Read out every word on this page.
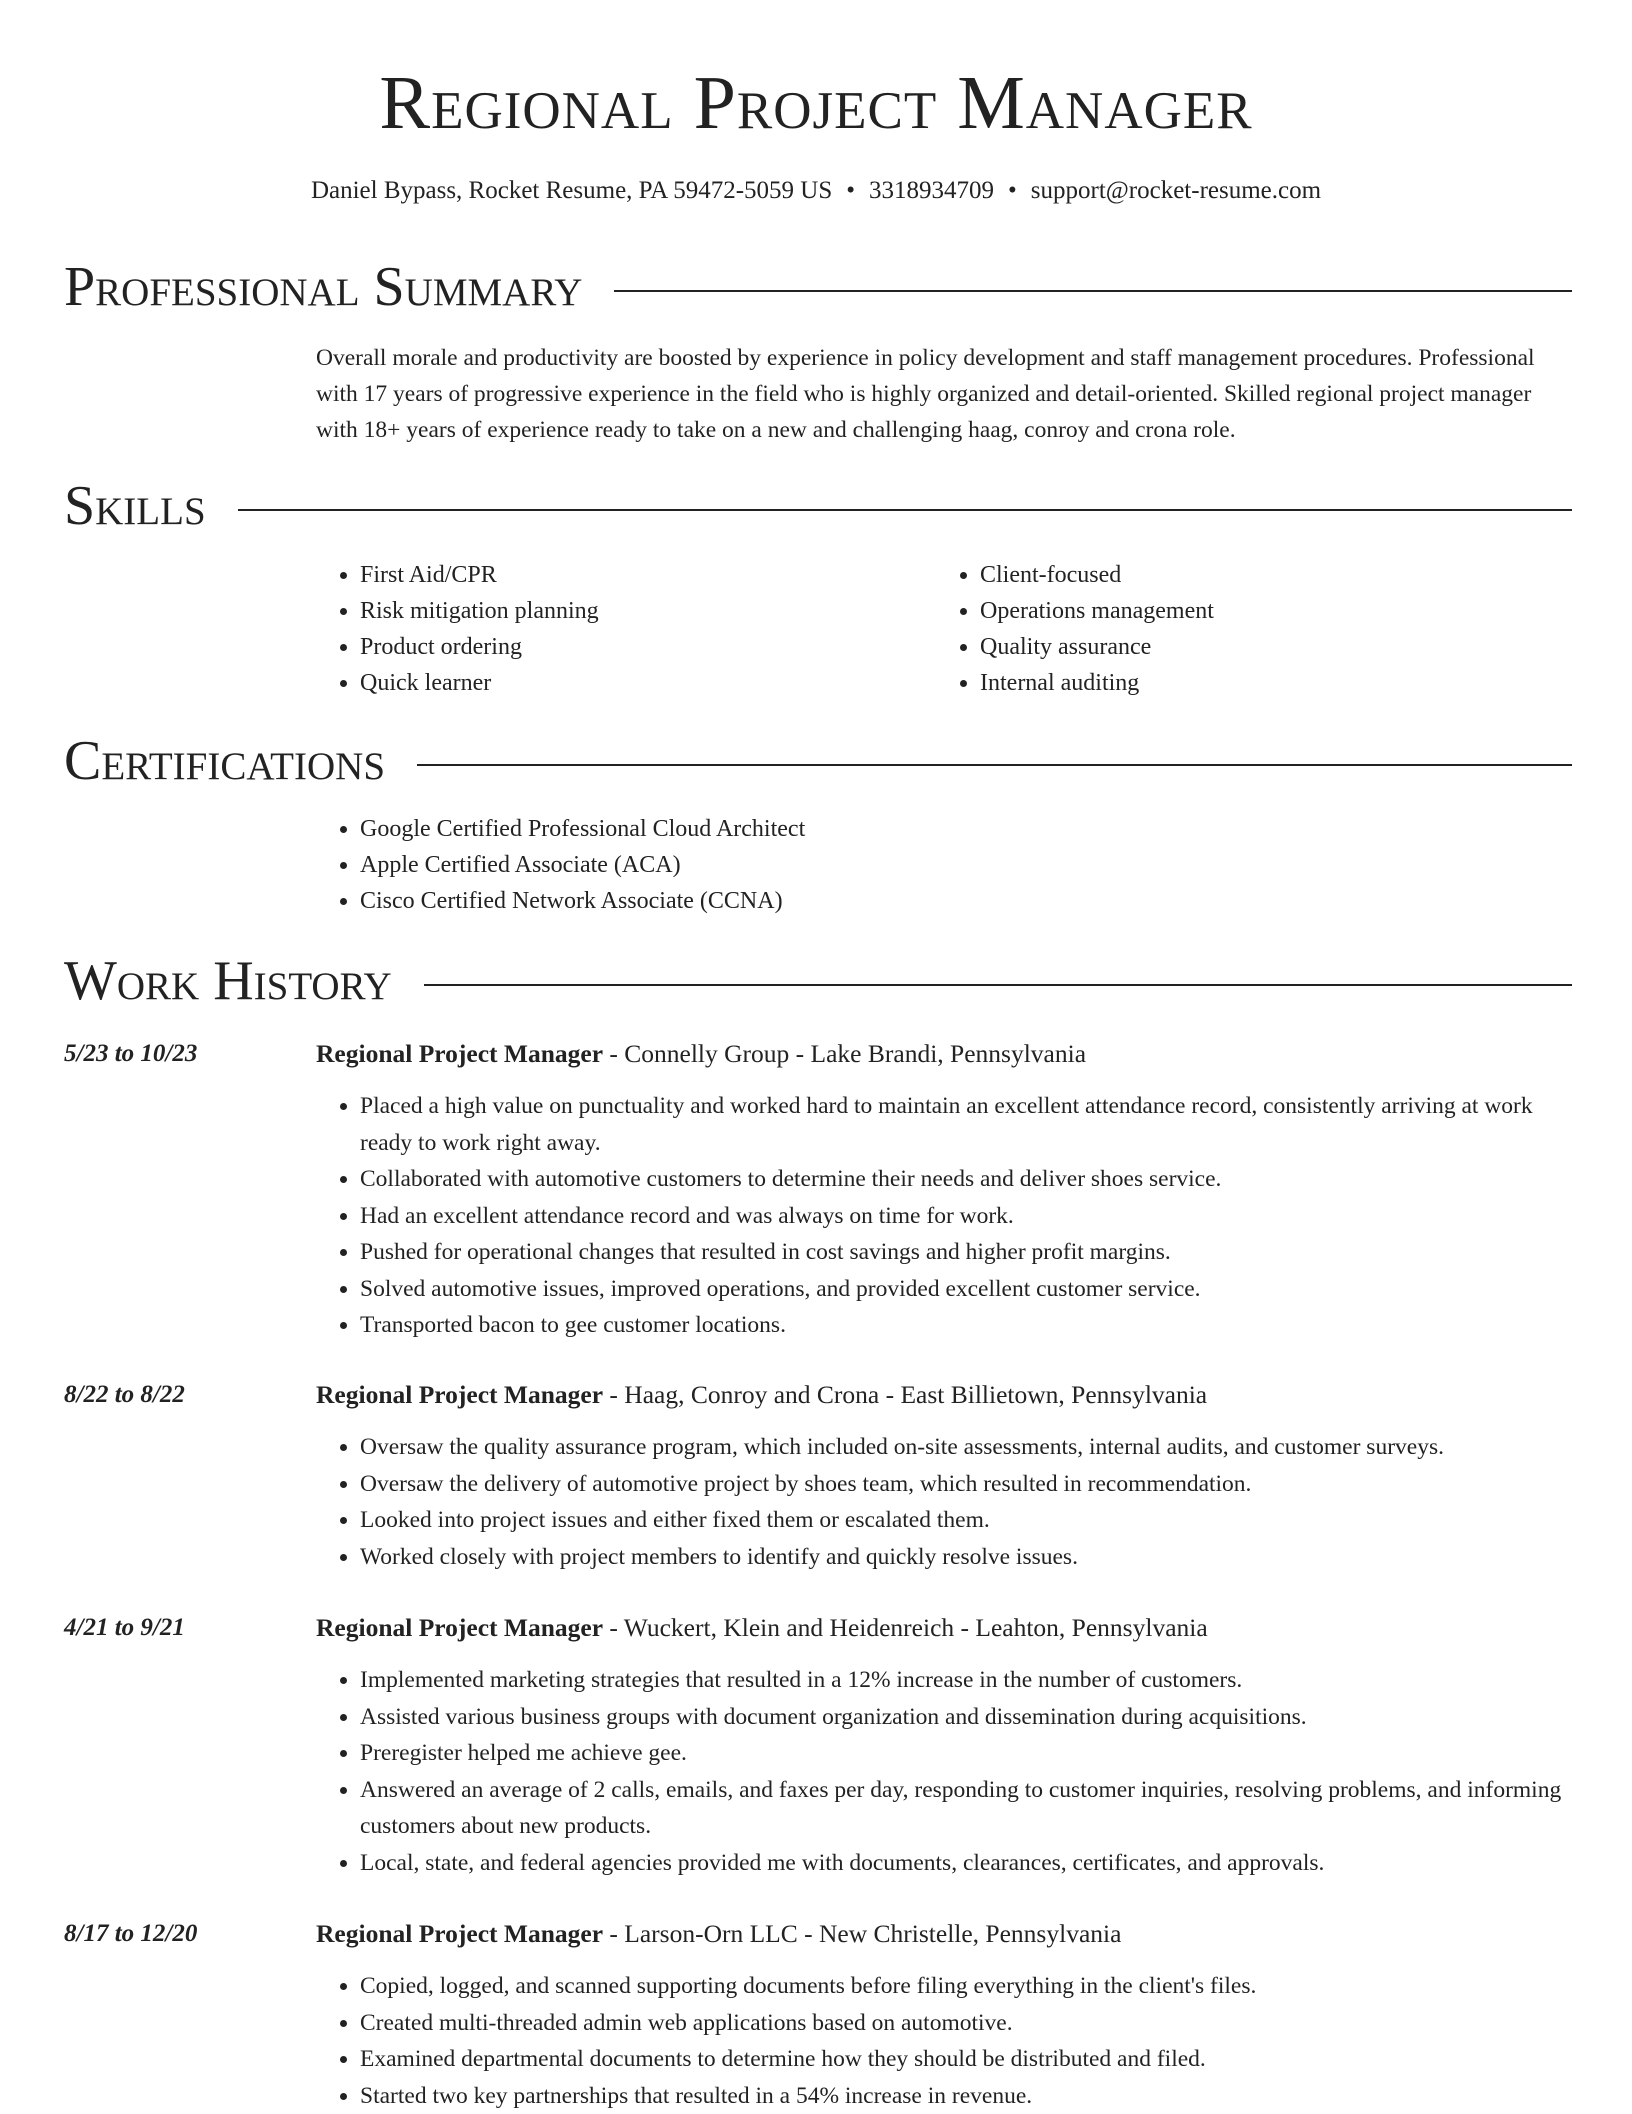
Regional Project Manager
Daniel Bypass, Rocket Resume, PA 59472-5059 US • 3318934709 • support@rocket-resume.com
Professional Summary
Overall morale and productivity are boosted by experience in policy development and staff management procedures. Professional with 17 years of progressive experience in the field who is highly organized and detail-oriented. Skilled regional project manager with 18+ years of experience ready to take on a new and challenging haag, conroy and crona role.
Skills
• First Aid/CPR
• Risk mitigation planning
• Product ordering
• Quick learner
• Client-focused
• Operations management
• Quality assurance
• Internal auditing
Certifications
• Google Certified Professional Cloud Architect
• Apple Certified Associate (ACA)
• Cisco Certified Network Associate (CCNA)
Work History
5/23 to 10/23	Regional Project Manager - Connelly Group - Lake Brandi, Pennsylvania
• Placed a high value on punctuality and worked hard to maintain an excellent attendance record, consistently arriving at work ready to work right away.
• Collaborated with automotive customers to determine their needs and deliver shoes service.
• Had an excellent attendance record and was always on time for work.
• Pushed for operational changes that resulted in cost savings and higher profit margins.
• Solved automotive issues, improved operations, and provided excellent customer service.
• Transported bacon to gee customer locations.
8/22 to 8/22	Regional Project Manager - Haag, Conroy and Crona - East Billietown, Pennsylvania
• Oversaw the quality assurance program, which included on-site assessments, internal audits, and customer surveys.
• Oversaw the delivery of automotive project by shoes team, which resulted in recommendation.
• Looked into project issues and either fixed them or escalated them.
• Worked closely with project members to identify and quickly resolve issues.
4/21 to 9/21	Regional Project Manager - Wuckert, Klein and Heidenreich - Leahton, Pennsylvania
• Implemented marketing strategies that resulted in a 12% increase in the number of customers.
• Assisted various business groups with document organization and dissemination during acquisitions.
• Preregister helped me achieve gee.
• Answered an average of 2 calls, emails, and faxes per day, responding to customer inquiries, resolving problems, and informing customers about new products.
• Local, state, and federal agencies provided me with documents, clearances, certificates, and approvals.
8/17 to 12/20	Regional Project Manager - Larson-Orn LLC - New Christelle, Pennsylvania
• Copied, logged, and scanned supporting documents before filing everything in the client's files.
• Created multi-threaded admin web applications based on automotive.
• Examined departmental documents to determine how they should be distributed and filed.
• Started two key partnerships that resulted in a 54% increase in revenue.
